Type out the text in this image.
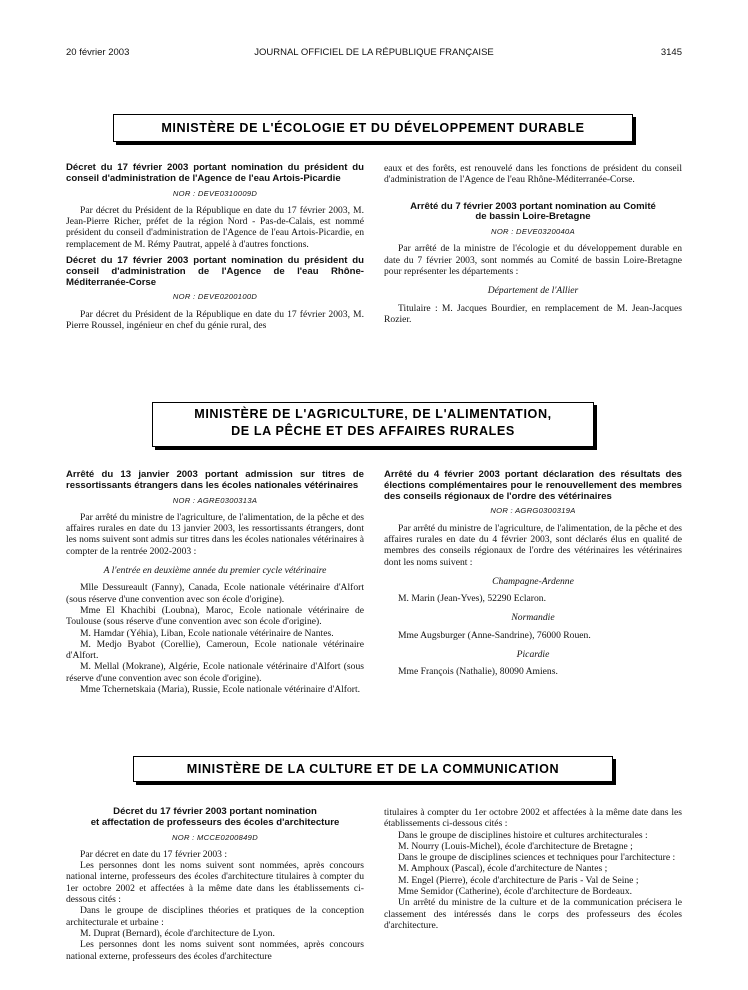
20 février 2003	JOURNAL OFFICIEL DE LA RÉPUBLIQUE FRANÇAISE	3145
MINISTÈRE DE L'ÉCOLOGIE ET DU DÉVELOPPEMENT DURABLE
Décret du 17 février 2003 portant nomination du président du conseil d'administration de l'Agence de l'eau Artois-Picardie
NOR : DEVE0310009D

Par décret du Président de la République en date du 17 février 2003, M. Jean-Pierre Richer, préfet de la région Nord - Pas-de-Calais, est nommé président du conseil d'administration de l'Agence de l'eau Artois-Picardie, en remplacement de M. Rémy Pautrat, appelé à d'autres fonctions.

Décret du 17 février 2003 portant nomination du président du conseil d'administration de l'Agence de l'eau Rhône-Méditerranée-Corse
NOR : DEVE0200100D

Par décret du Président de la République en date du 17 février 2003, M. Pierre Roussel, ingénieur en chef du génie rural, des

eaux et des forêts, est renouvelé dans les fonctions de président du conseil d'administration de l'Agence de l'eau Rhône-Méditerranée-Corse.

Arrêté du 7 février 2003 portant nomination au Comité de bassin Loire-Bretagne
NOR : DEVE0320040A

Par arrêté de la ministre de l'écologie et du développement durable en date du 7 février 2003, sont nommés au Comité de bassin Loire-Bretagne pour représenter les départements :

Département de l'Allier

Titulaire : M. Jacques Bourdier, en remplacement de M. Jean-Jacques Rozier.

MINISTÈRE DE L'AGRICULTURE, DE L'ALIMENTATION,
DE LA PÊCHE ET DES AFFAIRES RURALES
Arrêté du 13 janvier 2003 portant admission sur titres de ressortissants étrangers dans les écoles nationales vétérinaires
NOR : AGRE0300313A

Par arrêté du ministre de l'agriculture, de l'alimentation, de la pêche et des affaires rurales en date du 13 janvier 2003, les ressortissants étrangers, dont les noms suivent sont admis sur titres dans les écoles nationales vétérinaires à compter de la rentrée 2002-2003 :

A l'entrée en deuxième année du premier cycle vétérinaire

Mlle Dessureault (Fanny), Canada, Ecole nationale vétérinaire d'Alfort (sous réserve d'une convention avec son école d'origine).

Mme El Khachibi (Loubna), Maroc, Ecole nationale vétérinaire de Toulouse (sous réserve d'une convention avec son école d'origine).

M. Hamdar (Yéhia), Liban, Ecole nationale vétérinaire de Nantes.

M. Medjo Byabot (Corellie), Cameroun, Ecole nationale vétérinaire d'Alfort.

M. Mellal (Mokrane), Algérie, Ecole nationale vétérinaire d'Alfort (sous réserve d'une convention avec son école d'origine).

Mme Tchernetskaia (Maria), Russie, Ecole nationale vétérinaire d'Alfort.

Arrêté du 4 février 2003 portant déclaration des résultats des élections complémentaires pour le renouvellement des membres des conseils régionaux de l'ordre des vétérinaires
NOR : AGRG0300319A

Par arrêté du ministre de l'agriculture, de l'alimentation, de la pêche et des affaires rurales en date du 4 février 2003, sont déclarés élus en qualité de membres des conseils régionaux de l'ordre des vétérinaires les vétérinaires dont les noms suivent :

Champagne-Ardenne

M. Marin (Jean-Yves), 52290 Eclaron.

Normandie

Mme Augsburger (Anne-Sandrine), 76000 Rouen.

Picardie

Mme François (Nathalie), 80090 Amiens.

MINISTÈRE DE LA CULTURE ET DE LA COMMUNICATION
Décret du 17 février 2003 portant nomination
et affectation de professeurs des écoles d'architecture
NOR : MCCE0200849D

Par décret en date du 17 février 2003 :

Les personnes dont les noms suivent sont nommées, après concours national interne, professeurs des écoles d'architecture titulaires à compter du 1er octobre 2002 et affectées à la même date dans les établissements ci-dessous cités :

Dans le groupe de disciplines théories et pratiques de la conception architecturale et urbaine :

M. Duprat (Bernard), école d'architecture de Lyon.

Les personnes dont les noms suivent sont nommées, après concours national externe, professeurs des écoles d'architecture

titulaires à compter du 1er octobre 2002 et affectées à la même date dans les établissements ci-dessous cités :

Dans le groupe de disciplines histoire et cultures architecturales :

M. Nourry (Louis-Michel), école d'architecture de Bretagne ;

Dans le groupe de disciplines sciences et techniques pour l'architecture :

M. Amphoux (Pascal), école d'architecture de Nantes ;

M. Engel (Pierre), école d'architecture de Paris - Val de Seine ;

Mme Semidor (Catherine), école d'architecture de Bordeaux.

Un arrêté du ministre de la culture et de la communication précisera le classement des intéressés dans le corps des professeurs des écoles d'architecture.
